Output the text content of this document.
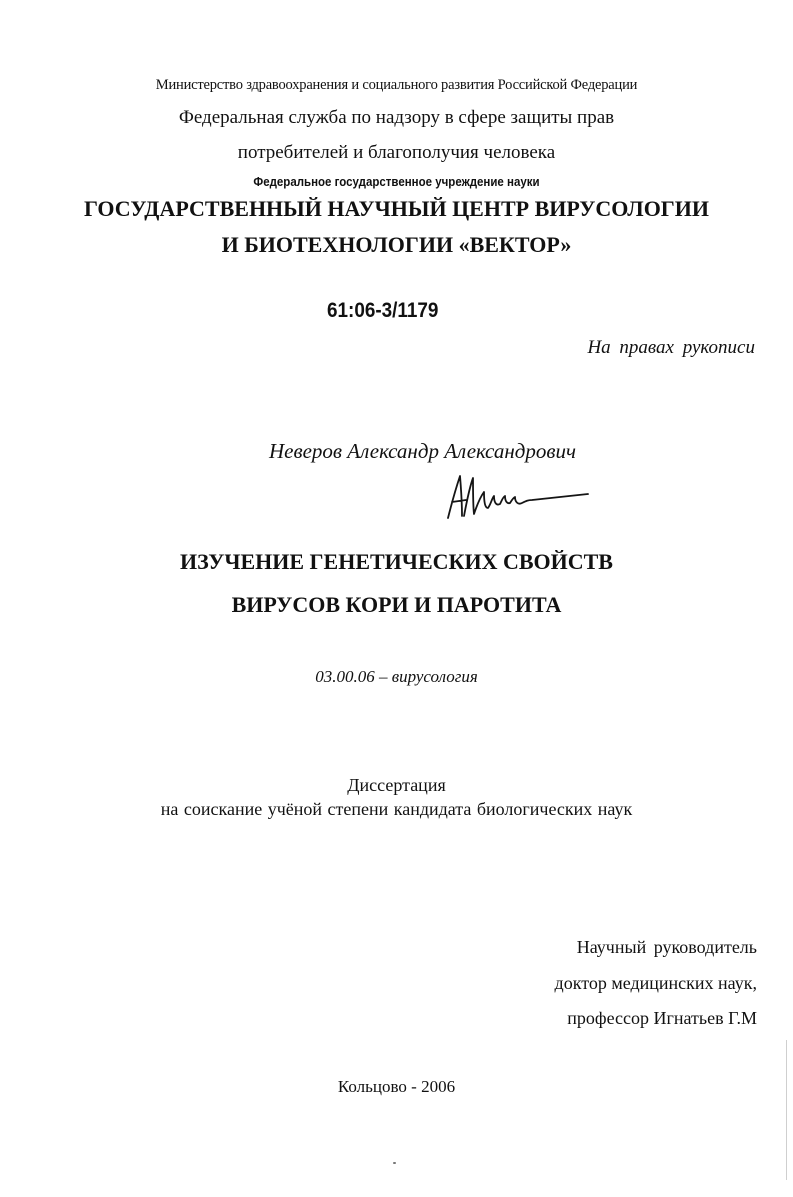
Министерство здравоохранения и социального развития Российской Федерации
Федеральная служба по надзору в сфере защиты прав
потребителей и благополучия человека
Федеральное государственное учреждение науки
ГОСУДАРСТВЕННЫЙ НАУЧНЫЙ ЦЕНТР ВИРУСОЛОГИИ
И БИОТЕХНОЛОГИИ «ВЕКТОР»
61:06-3/1179
На правах рукописи
Неверов Александр Александрович
ИЗУЧЕНИЕ ГЕНЕТИЧЕСКИХ СВОЙСТВ
ВИРУСОВ КОРИ И ПАРОТИТА
03.00.06 – вирусология
Диссертация
на соискание учёной степени кандидата биологических наук
Научный руководитель
доктор медицинских наук,
профессор Игнатьев Г.М
Кольцово - 2006
